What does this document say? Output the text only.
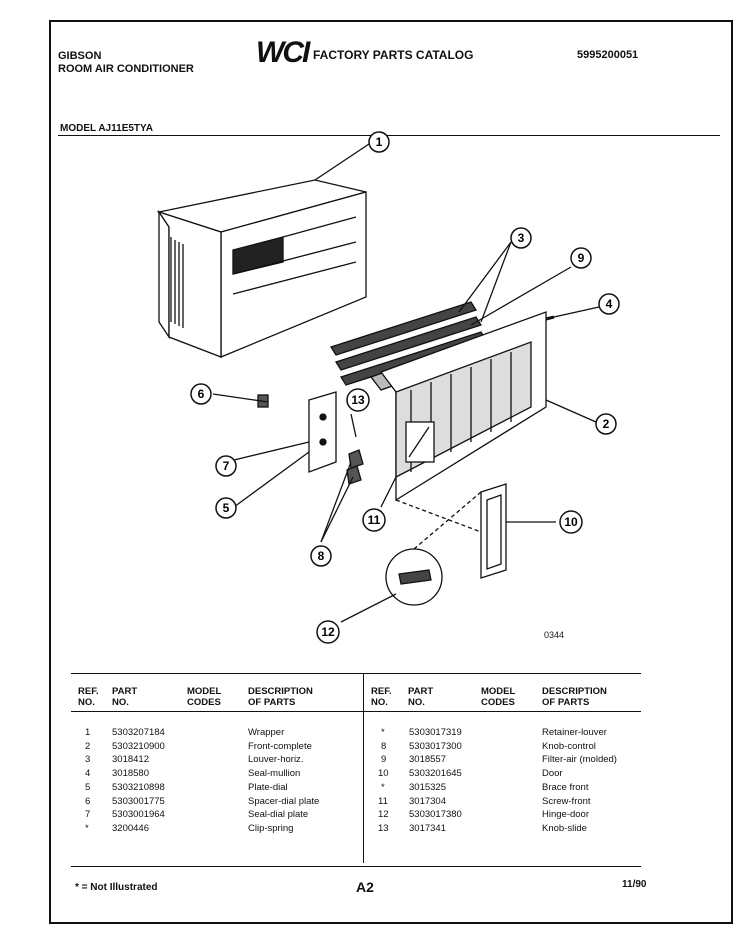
GIBSON
ROOM AIR CONDITIONER WCI FACTORY PARTS CATALOG	5995200051
MODEL AJ11E5TYA
1
2
3
4
5
6
7
8
9
10
11
12
13
0344
REF.
NO.
PART
NO.
MODEL
CODES
DESCRIPTION
OF PARTS
REF.
NO.
PART
NO.
MODEL
CODES
DESCRIPTION
OF PARTS
1 5303207184	Wrapper
2 5303210900	Front-complete
3 3018412	Louver-horiz.
4 3018580	Seal-mullion
5 5303210898	Plate-dial
6 5303001775	Spacer-dial plate
7 5303001964	Seal-dial plate
* 3200446	Clip-spring
*	5303017319	Retainer-louver
8 5303017300	Knob-control
9 3018557	Filter-air (molded)
10 5303201645	Door
*	3015325	Brace front
11 3017304	Screw-front
12 5303017380	Hinge-door
13 3017341	Knob-slide
* = Not Illustrated	A2	11/90
